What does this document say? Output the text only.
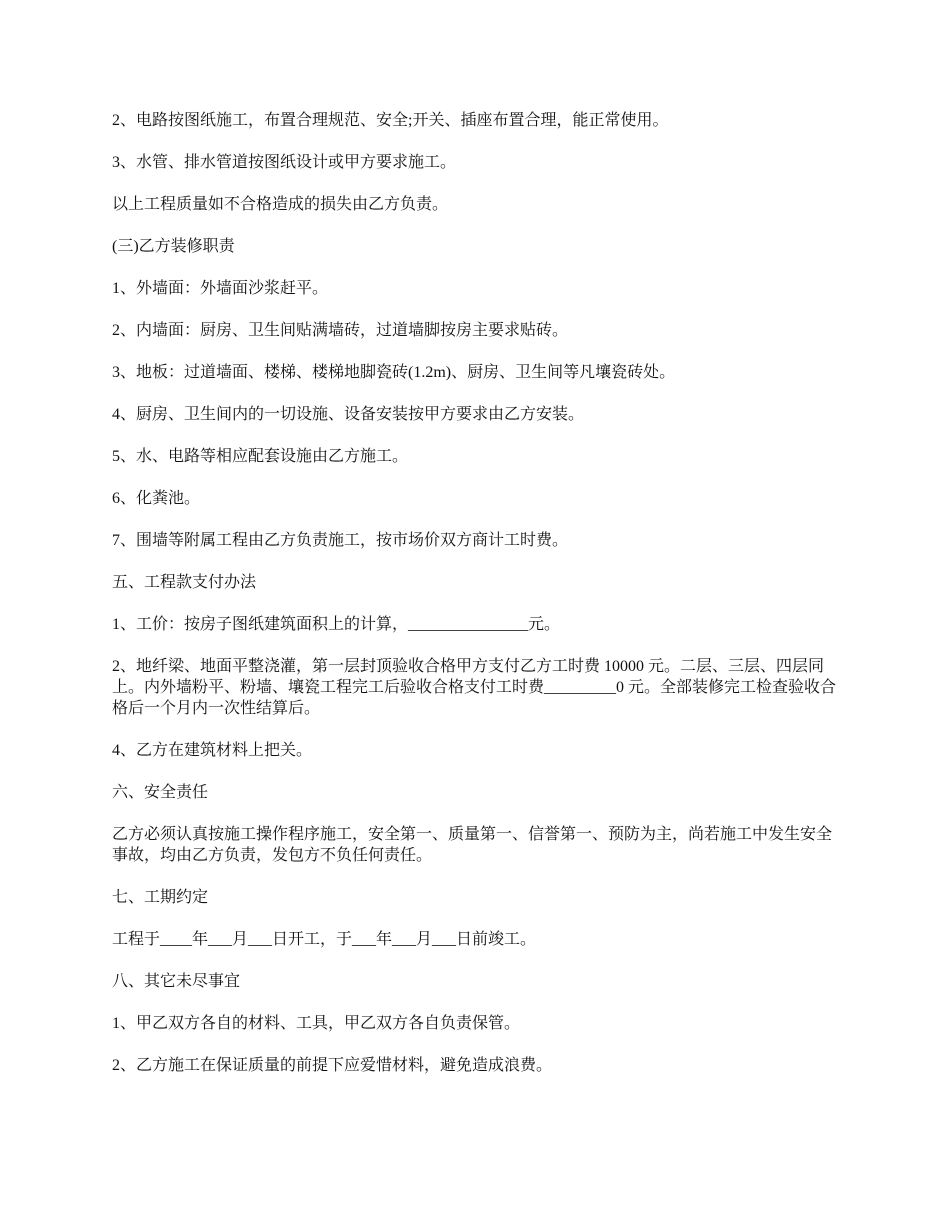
2、电路按图纸施工，布置合理规范、安全;开关、插座布置合理，能正常使用。

3、水管、排水管道按图纸设计或甲方要求施工。

以上工程质量如不合格造成的损失由乙方负责。

(三)乙方装修职责

1、外墙面：外墙面沙浆赶平。

2、内墙面：厨房、卫生间贴满墙砖，过道墙脚按房主要求贴砖。

3、地板：过道墙面、楼梯、楼梯地脚瓷砖(1.2m)、厨房、卫生间等凡壤瓷砖处。

4、厨房、卫生间内的一切设施、设备安装按甲方要求由乙方安装。

5、水、电路等相应配套设施由乙方施工。

6、化粪池。

7、围墙等附属工程由乙方负责施工，按市场价双方商计工时费。

五、工程款支付办法

1、工价：按房子图纸建筑面积上的计算，_______________元。

2、地纤梁、地面平整浇灌，第一层封顶验收合格甲方支付乙方工时费 10000 元。二层、三层、四层同上。内外墙粉平、粉墙、壤瓷工程完工后验收合格支付工时费_________0 元。全部装修完工检查验收合格后一个月内一次性结算后。

4、乙方在建筑材料上把关。

六、安全责任

乙方必须认真按施工操作程序施工，安全第一、质量第一、信誉第一、预防为主，尚若施工中发生安全事故，均由乙方负责，发包方不负任何责任。

七、工期约定

工程于____年___月___日开工，于___年___月___日前竣工。

八、其它未尽事宜

1、甲乙双方各自的材料、工具，甲乙双方各自负责保管。

2、乙方施工在保证质量的前提下应爱惜材料，避免造成浪费。
